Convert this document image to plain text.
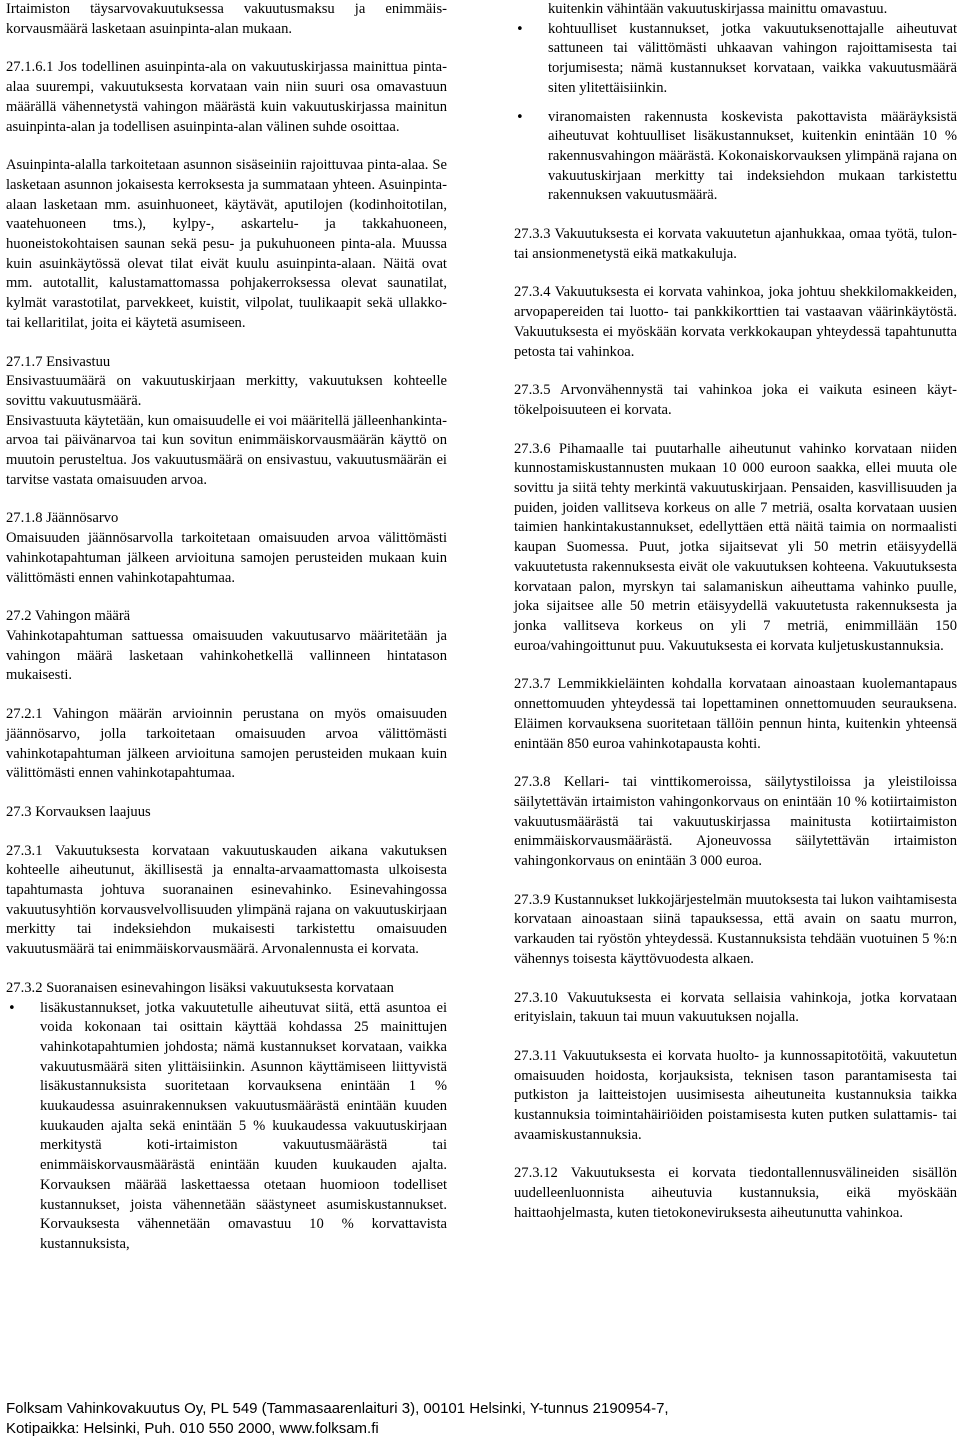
Irtaimiston täysarvovakuutuksessa vakuutusmaksu ja enimmäiskorvausmäärä lasketaan asuinpinta-alan mukaan.

27.1.6.1 Jos todellinen asuinpinta-ala on vakuutuskirjassa mainittua pinta-alaa suurempi, vakuutuksesta korvataan vain niin suuri osa omavastuun määrällä vähennetystä vahingon määrästä kuin vakuutuskirjassa mainitun asuinpinta-alan ja todellisen asuinpinta-alan välinen suhde osoittaa.

Asuinpinta-alalla tarkoitetaan asunnon sisäseiniin rajoittuvaa pinta-alaa. Se lasketaan asunnon jokaisesta kerroksesta ja summataan yhteen. Asuinpinta-alaan lasketaan mm. asuinhuoneet, käytävät, aputilojen (kodinhoitotilan, vaatehuoneen tms.), kylpy-, askartelu- ja takkahuoneen, huoneistokohtaisen saunan sekä pesu- ja pukuhuoneen pinta-ala. Muussa kuin asuinkäytössä olevat tilat eivät kuulu asuinpinta-alaan. Näitä ovat mm. autotallit, kalustamattomassa pohjakerroksessa olevat saunatilat, kylmät varastotilat, parvekkeet, kuistit, vilpolat, tuulikaapit sekä ullakko- tai kellaritilat, joita ei käytetä asumiseen.

27.1.7 Ensivastuu

Ensivastuumäärä on vakuutuskirjaan merkitty, vakuutuksen kohteelle sovittu vakuutusmäärä.

Ensivastuuta käytetään, kun omaisuudelle ei voi määritellä jälleenhankinta-arvoa tai päivänarvoa tai kun sovitun enimmäiskorvausmäärän käyttö on muutoin perusteltua. Jos vakuutusmäärä on ensivastuu, vakuutusmäärän ei tarvitse vastata omaisuuden arvoa.

27.1.8 Jäännösarvo

Omaisuuden jäännösarvolla tarkoitetaan omaisuuden arvoa välittömästi vahinkotapahtuman jälkeen arvioituna samojen perusteiden mukaan kuin välittömästi ennen vahinkotapahtumaa.

27.2 Vahingon määrä

Vahinkotapahtuman sattuessa omaisuuden vakuutusarvo määritetään ja vahingon määrä lasketaan vahinkohetkellä vallinneen hintatason mukaisesti.

27.2.1 Vahingon määrän arvioinnin perustana on myös omaisuuden jäännösarvo, jolla tarkoitetaan omaisuuden arvoa välittömästi vahinkotapahtuman jälkeen arvioituna samojen perusteiden mukaan kuin välittömästi ennen vahinkotapahtumaa.

27.3 Korvauksen laajuus

27.3.1 Vakuutuksesta korvataan vakuutuskauden aikana vakutuksen kohteelle aiheutunut, äkillisestä ja ennalta-arvaamattomasta ulkoisesta tapahtumasta johtuva suoranainen esinevahinko. Esinevahingossa vakuutusyhtiön korvausvelvollisuuden ylimpänä rajana on vakuutuskirjaan merkitty tai indeksiehdon mukaisesti tarkistettu omaisuuden vakuutusmäärä tai enimmäiskorvausmäärä. Arvonalennusta ei korvata.

27.3.2 Suoranaisen esinevahingon lisäksi vakuutuksesta korvataan

• lisäkustannukset, jotka vakuutetulle aiheutuvat siitä, että asuntoa ei voida kokonaan tai osittain käyttää kohdassa 25 mainittujen vahinkotapahtumien johdosta; nämä kustannukset korvataan, vaikka vakuutusmäärä siten ylittäisiinkin. Asunnon käyttämiseen liittyvistä lisäkustannuksista suoritetaan korvauksena enintään 1 % kuukaudessa asuinrakennuksen vakuutusmäärästä enintään kuuden kuukauden ajalta sekä enintään 5 % kuukaudessa vakuutuskirjaan merkitystä koti-irtaimiston vakuutusmäärästä tai enimmäiskorvausmäärästä enintään kuuden kuukauden ajalta. Korvauksen määrää laskettaessa otetaan huomioon todelliset kustannukset, joista vähennetään säästyneet asumiskustannukset. Korvauksesta vähennetään omavastuu 10 % korvattavista kustannuksista,

kuitenkin vähintään vakuutuskirjassa mainittu omavastuu.

• kohtuulliset kustannukset, jotka vakuutuksenottajalle aiheutuvat sattuneen tai välittömästi uhkaavan vahingon rajoittamisesta tai torjumisesta; nämä kustannukset korvataan, vaikka vakuutusmäärä siten ylitettäisiinkin.
• viranomaisten rakennusta koskevista pakottavista määräyksistä aiheutuvat kohtuulliset lisäkustannukset, kuitenkin enintään 10 % rakennusvahingon määrästä. Kokonaiskorvauksen ylimpänä rajana on vakuutuskirjaan merkitty tai indeksiehdon mukaan tarkistettu rakennuksen vakuutusmäärä.

27.3.3 Vakuutuksesta ei korvata vakuutetun ajanhukkaa, omaa työtä, tulon- tai ansionmenetystä eikä matkakuluja.

27.3.4 Vakuutuksesta ei korvata vahinkoa, joka johtuu shekkilomakkeiden, arvopapereiden tai luotto- tai pankkikorttien tai vastaavan väärinkäytöstä. Vakuutuksesta ei myöskään korvata verkkokaupan yhteydessä tapahtunutta petosta tai vahinkoa.

27.3.5 Arvonvähennystä tai vahinkoa joka ei vaikuta esineen käyttökelpoisuuteen ei korvata.

27.3.6 Pihamaalle tai puutarhalle aiheutunut vahinko korvataan niiden kunnostamiskustannusten mukaan 10 000 euroon saakka, ellei muuta ole sovittu ja siitä tehty merkintä vakuutuskirjaan. Pensaiden, kasvillisuuden ja puiden, joiden vallitseva korkeus on alle 7 metriä, osalta korvataan uusien taimien hankintakustannukset, edellyttäen että näitä taimia on normaalisti kaupan Suomessa. Puut, jotka sijaitsevat yli 50 metrin etäisyydellä vakuutetusta rakennuksesta eivät ole vakuutuksen kohteena. Vakuutuksesta korvataan palon, myrskyn tai salamaniskun aiheuttama vahinko puulle, joka sijaitsee alle 50 metrin etäisyydellä vakuutetusta rakennuksesta ja jonka vallitseva korkeus on yli 7 metriä, enimmillään 150 euroa/vahingoittunut puu. Vakuutuksesta ei korvata kuljetuskustannuksia.

27.3.7 Lemmikkieläinten kohdalla korvataan ainoastaan kuolemantapaus onnettomuuden yhteydessä tai lopettaminen onnettomuuden seurauksena. Eläimen korvauksena suoritetaan tällöin pennun hinta, kuitenkin yhteensä enintään 850 euroa vahinkotapausta kohti.

27.3.8 Kellari- tai vinttikomeroissa, säilytystiloissa ja yleistiloissa säilytettävän irtaimiston vahingonkorvaus on enintään 10 % kotiirtaimiston vakuutusmäärästä tai vakuutuskirjassa mainitusta kotiirtaimiston enimmäiskorvausmäärästä. Ajoneuvossa säilytettävän irtaimiston vahingonkorvaus on enintään 3 000 euroa.

27.3.9 Kustannukset lukkojärjestelmän muutoksesta tai lukon vaihtamisesta korvataan ainoastaan siinä tapauksessa, että avain on saatu murron, varkauden tai ryöstön yhteydessä. Kustannuksista tehdään vuotuinen 5 %:n vähennys toisesta käyttövuodesta alkaen.

27.3.10 Vakuutuksesta ei korvata sellaisia vahinkoja, jotka korvataan erityislain, takuun tai muun vakuutuksen nojalla.

27.3.11 Vakuutuksesta ei korvata huolto- ja kunnossapitotöitä, vakuutetun omaisuuden hoidosta, korjauksista, teknisen tason parantamisesta tai putkiston ja laitteistojen uusimisesta aiheutuneita kustannuksia taikka kustannuksia toimintahäiriöiden poistamisesta kuten putken sulattamis- tai avaamiskustannuksia.

27.3.12 Vakuutuksesta ei korvata tiedontallennusvälineiden sisällön uudelleenluonnista aiheutuvia kustannuksia, eikä myöskään haittaohjelmasta, kuten tietokoneviruksesta aiheutunutta vahinkoa.

Folksam Vahinkovakuutus Oy, PL 549 (Tammasaarenlaituri 3), 00101 Helsinki, Y-tunnus 2190954-7,
Kotipaikka: Helsinki, Puh. 010 550 2000, www.folksam.fi
